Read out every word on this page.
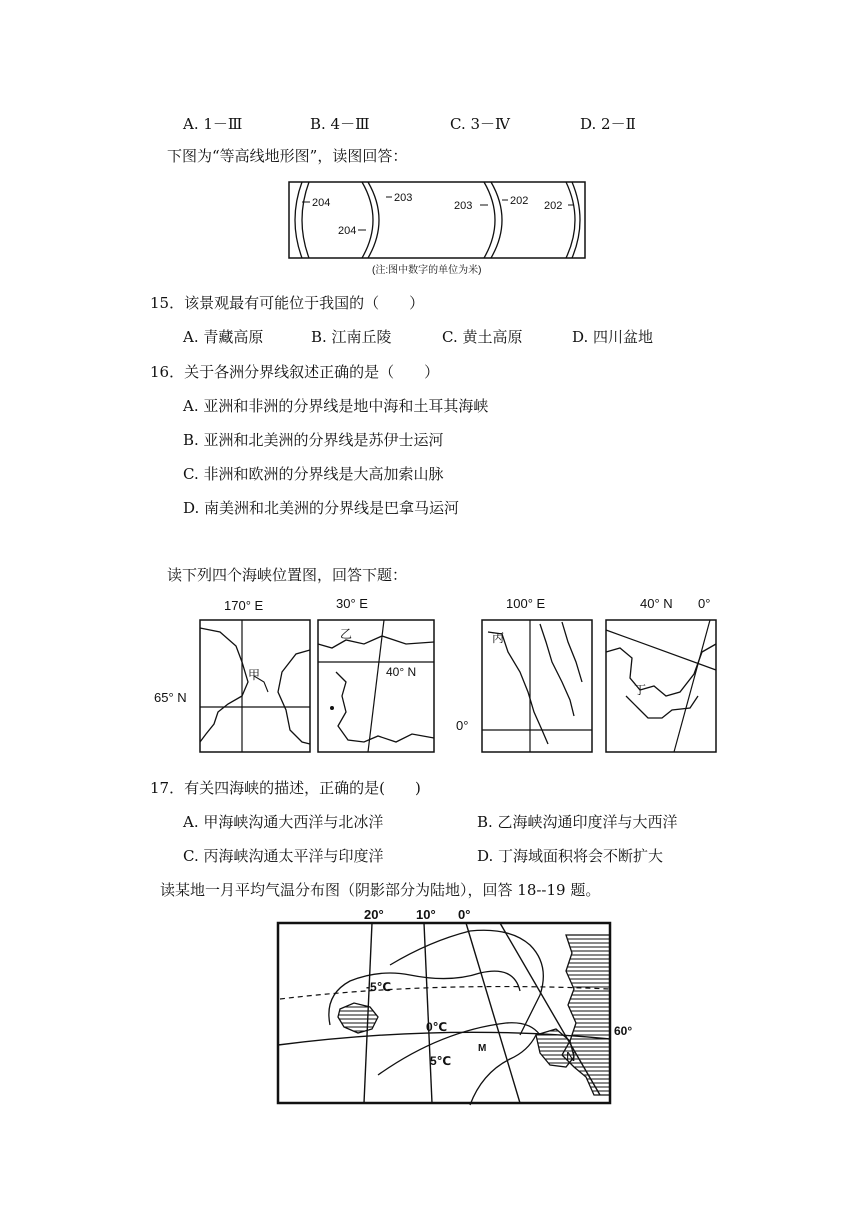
A. 1－Ⅲ	B. 4－Ⅲ	C. 3－Ⅳ	D. 2－Ⅱ
下图为“等高线地形图”，读图回答：
204
204
203
203	202 202
(注:图中数字的单位为米)
15．该景观最有可能位于我国的（　　）
A. 青藏高原	B. 江南丘陵	C. 黄土高原	D. 四川盆地
16．关于各洲分界线叙述正确的是（　　）
A. 亚洲和非洲的分界线是地中海和土耳其海峡
B. 亚洲和北美洲的分界线是苏伊士运河
C. 非洲和欧洲的分界线是大高加索山脉
D. 南美洲和北美洲的分界线是巴拿马运河
读下列四个海峡位置图，回答下题：
170° E
甲
65° N
30° E
乙
40° N
100° E
丙
0°
40° N 0°
丁
17．有关四海峡的描述，正确的是(　　)
A. 甲海峡沟通大西洋与北冰洋	B. 乙海峡沟通印度洋与大西洋
C. 丙海峡沟通太平洋与印度洋	D. 丁海域面积将会不断扩大
读某地一月平均气温分布图（阴影部分为陆地），回答 18--19 题。
20° 10° 0°
60°
-5℃
0℃
5℃
M
N
